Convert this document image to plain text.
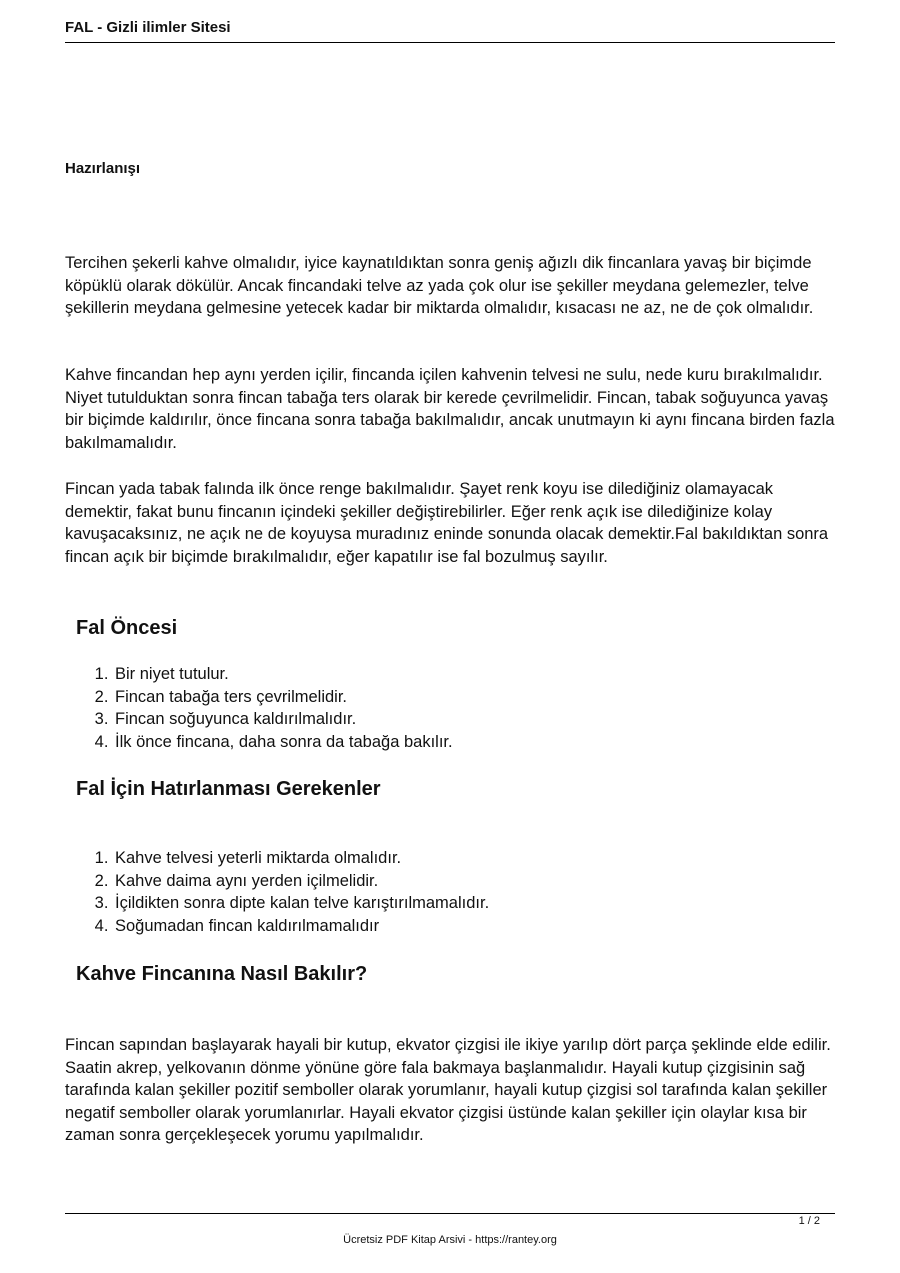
FAL - Gizli ilimler Sitesi
Hazırlanışı

Tercihen şekerli kahve olmalıdır, iyice kaynatıldıktan sonra geniş ağızlı dik fincanlara yavaş bir biçimde köpüklü olarak dökülür. Ancak fincandaki telve az yada çok olur ise şekiller meydana gelemezler, telve şekillerin meydana gelmesine yetecek kadar bir miktarda olmalıdır, kısacası ne az, ne de çok olmalıdır.

Kahve fincandan hep aynı yerden içilir, fincanda içilen kahvenin telvesi ne sulu, nede kuru bırakılmalıdır. Niyet tutulduktan sonra fincan tabağa ters olarak bir kerede çevrilmelidir. Fincan, tabak soğuyunca yavaş bir biçimde kaldırılır, önce fincana sonra tabağa bakılmalıdır, ancak unutmayın ki aynı fincana birden fazla bakılmamalıdır.

Fincan yada tabak falında ilk önce renge bakılmalıdır. Şayet renk koyu ise dilediğiniz olamayacak demektir, fakat bunu fincanın içindeki şekiller değiştirebilirler. Eğer renk açık ise dilediğinize kolay kavuşacaksınız, ne açık ne de koyuysa muradınız eninde sonunda olacak demektir.Fal bakıldıktan sonra fincan açık bir biçimde bırakılmalıdır, eğer kapatılır ise fal bozulmuş sayılır.

Fal Öncesi
1. Bir niyet tutulur.
2. Fincan tabağa ters çevrilmelidir.
3. Fincan soğuyunca kaldırılmalıdır.
4. İlk önce fincana, daha sonra da tabağa bakılır.
Fal İçin Hatırlanması Gerekenler
1. Kahve telvesi yeterli miktarda olmalıdır.
2. Kahve daima aynı yerden içilmelidir.
3. İçildikten sonra dipte kalan telve karıştırılmamalıdır.
4. Soğumadan fincan kaldırılmamalıdır
Kahve Fincanına Nasıl Bakılır?

Fincan sapından başlayarak hayali bir kutup, ekvator çizgisi ile ikiye yarılıp dört parça şeklinde elde edilir. Saatin akrep, yelkovanın dönme yönüne göre fala bakmaya başlanmalıdır. Hayali kutup çizgisinin sağ tarafında kalan şekiller pozitif semboller olarak yorumlanır, hayali kutup çizgisi sol tarafında kalan şekiller negatif semboller olarak yorumlanırlar. Hayali ekvator çizgisi üstünde kalan şekiller için olaylar kısa bir zaman sonra gerçekleşecek yorumu yapılmalıdır.

1 / 2
Ücretsiz PDF Kitap Arsivi - https://rantey.org
